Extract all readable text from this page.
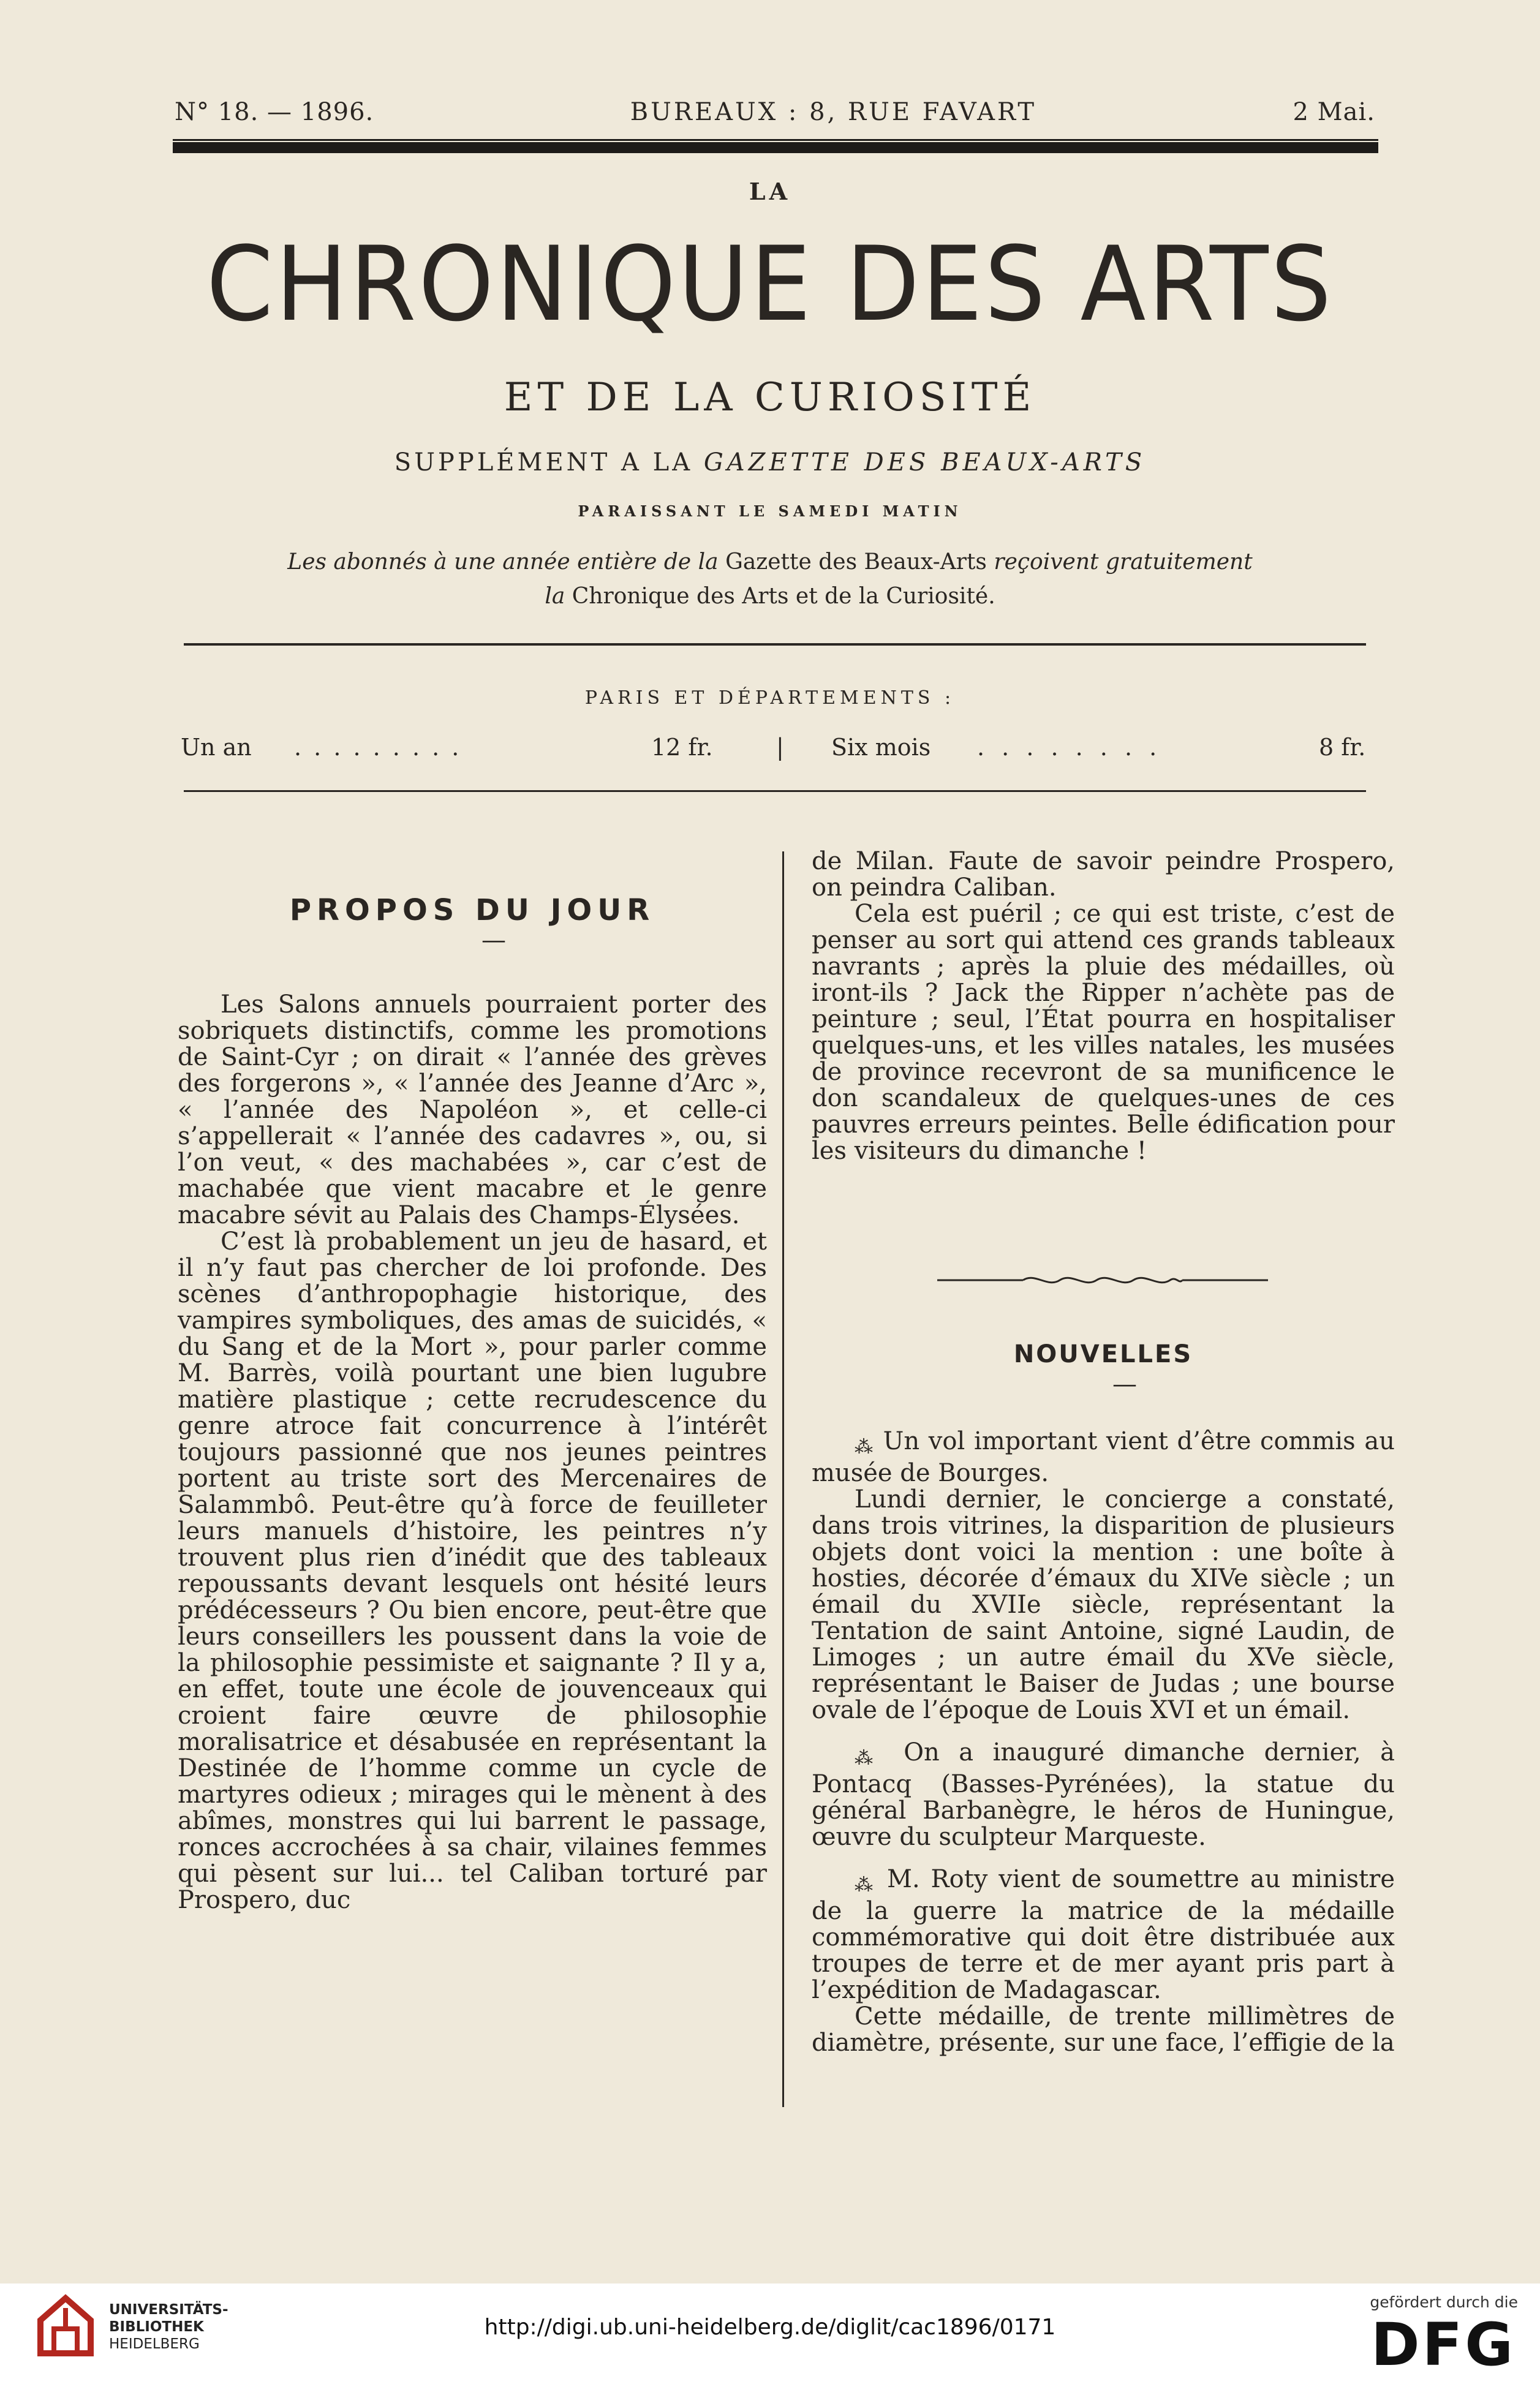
N° 18. — 1896.	BUREAUX : 8, RUE FAVART	2 Mai.
LA
CHRONIQUE DES ARTS
ET DE LA CURIOSITÉ
SUPPLÉMENT A LA GAZETTE DES BEAUX-ARTS
PARAISSANT LE SAMEDI MATIN
Les abonnés à une année entière de la Gazette des Beaux-Arts reçoivent gratuitement
la Chronique des Arts et de la Curiosité.
PARIS ET DÉPARTEMENTS :
Un an . . . . . . . . .	12 fr.	| Six mois . . . . . . . .	8 fr.
PROPOS DU JOUR

—

Les Salons annuels pourraient porter des sobriquets distinctifs, comme les promotions de Saint-Cyr ; on dirait « l’année des grèves des forgerons », « l’année des Jeanne d’Arc », « l’année des Napoléon », et celle-ci s’appellerait « l’année des cadavres », ou, si l’on veut, « des machabées », car c’est de machabée que vient macabre et le genre macabre sévit au Palais des Champs-Élysées.

C’est là probablement un jeu de hasard, et il n’y faut pas chercher de loi profonde. Des scènes d’anthropophagie historique, des vampires symboliques, des amas de suicidés, « du Sang et de la Mort », pour parler comme M. Barrès, voilà pourtant une bien lugubre matière plastique ; cette recrudescence du genre atroce fait concurrence à l’intérêt toujours passionné que nos jeunes peintres portent au triste sort des Mercenaires de Salammbô. Peut-être qu’à force de feuilleter leurs manuels d’histoire, les peintres n’y trouvent plus rien d’inédit que des tableaux repoussants devant lesquels ont hésité leurs prédécesseurs ? Ou bien encore, peut-être que leurs conseillers les poussent dans la voie de la philosophie pessimiste et saignante ? Il y a, en effet, toute une école de jouvenceaux qui croient faire œuvre de philosophie moralisatrice et désabusée en représentant la Destinée de l’homme comme un cycle de martyres odieux ; mirages qui le mènent à des abîmes, monstres qui lui barrent le passage, ronces accrochées à sa chair, vilaines femmes qui pèsent sur lui... tel Caliban torturé par Prospero, duc

de Milan. Faute de savoir peindre Prospero, on peindra Caliban.

Cela est puéril ; ce qui est triste, c’est de penser au sort qui attend ces grands tableaux navrants ; après la pluie des médailles, où iront-ils ? Jack the Ripper n’achète pas de peinture ; seul, l’État pourra en hospitaliser quelques-uns, et les villes natales, les musées de province recevront de sa munificence le don scandaleux de quelques-unes de ces pauvres erreurs peintes. Belle édification pour les visiteurs du dimanche !

NOUVELLES

—

⁂ Un vol important vient d’être commis au musée de Bourges.

Lundi dernier, le concierge a constaté, dans trois vitrines, la disparition de plusieurs objets dont voici la mention : une boîte à hosties, décorée d’émaux du XIVe siècle ; un émail du XVIIe siècle, représentant la Tentation de saint Antoine, signé Laudin, de Limoges ; un autre émail du XVe siècle, représentant le Baiser de Judas ; une bourse ovale de l’époque de Louis XVI et un émail.

⁂ On a inauguré dimanche dernier, à Pontacq (Basses-Pyrénées), la statue du général Barbanègre, le héros de Huningue, œuvre du sculpteur Marqueste.

⁂ M. Roty vient de soumettre au ministre de la guerre la matrice de la médaille commémorative qui doit être distribuée aux troupes de terre et de mer ayant pris part à l’expédition de Madagascar.

Cette médaille, de trente millimètres de diamètre, présente, sur une face, l’effigie de la

UNIVERSITÄTS-
BIBLIOTHEK
HEIDELBERG
http://digi.ub.uni-heidelberg.de/diglit/cac1896/0171
gefördert durch die
DFG
